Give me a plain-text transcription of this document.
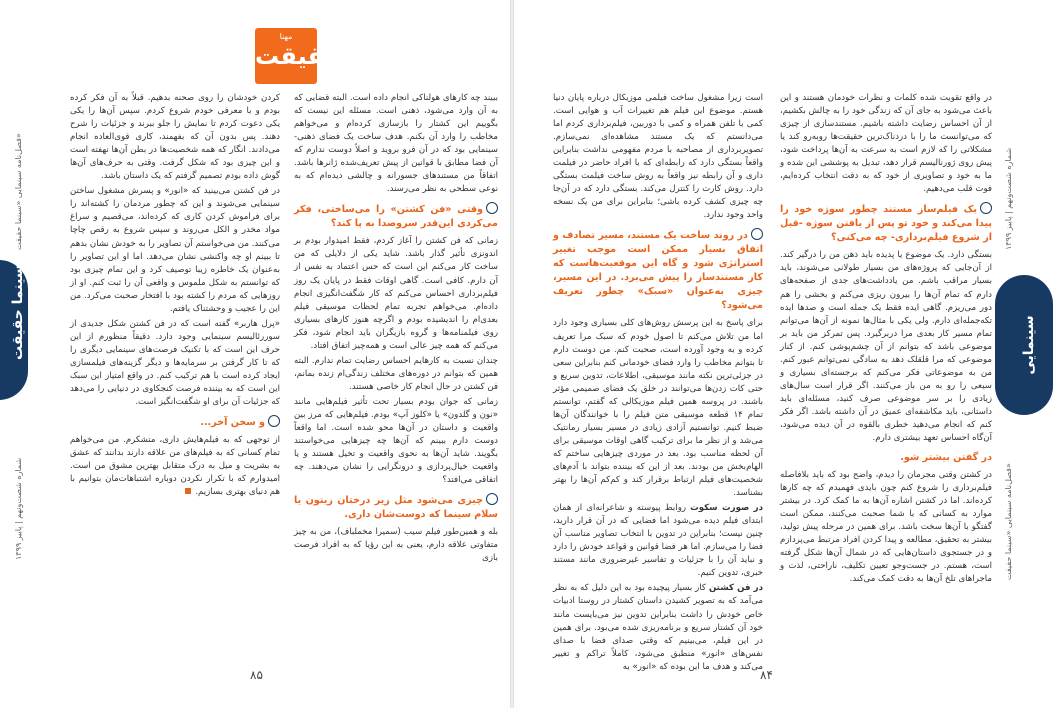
مهنا
حقیقت
سینمایی
سینما حقیقت
شماره شصت‌ونهم | پاییز ۱۳۹۹
فصل‌نامه سینمایی «سینما حقیقت»
فصل‌نامه سینمایی «سینما حقیقت»
شماره شصت‌ونهم | پاییز ۱۳۹۹

در واقع تقویت شده کلمات و نظرات خودمان هستند و این باعث می‌شود به جای آن که زندگی خود را به چالش بکشیم، از آن احساس رضایت داشته باشیم. مستندسازی از چیزی که می‌توانست ما را با دردناک‌ترین حقیقت‌ها روبه‌رو کند یا مشکلاتی را که لازم است به سرعت به آن‌ها پرداخت شود، پیش روی ژورنالیسم قرار دهد، تبدیل به پوششی این شده و ما به خود و تصاویری از خود که به دقت انتخاب کرده‌ایم، فوت قلب می‌دهیم.

یک فیلم‌ساز مستند چطور سوژه خود را پیدا می‌کند و خود تو پس از یافتن سوژه -قبل از شروع فیلم‌برداری- چه می‌کنی؟

بستگی دارد. یک موضوع یا پدیده باید ذهن من را درگیر کند. از آن‌جایی که پروژه‌های من بسیار طولانی می‌شوند، باید بسیار مراقب باشم. من یادداشت‌های جدی از صفحه‌های دارم که تمام آن‌ها را بیرون ریزی می‌کنم و بخشی را هم دور می‌ریزم. گاهی ایده فقط یک جمله است و صدها ایده تکه‌جمله‌ای دارم. ولی یکی با مثال‌ها نمونه از آن‌ها می‌توانم تمام مسیر کار بعدی مرا دربرگیرد. پس تمرکز من باید بر موضوعی باشد که بتوانم از آن چشم‌پوشی کنم. از کنار موضوعی که مرا قلقلک دهد به سادگی نمی‌توانم عبور کنم. من به موضوعاتی فکر می‌کنم که برجسته‌ای بسیاری و سیعی را رو به من باز می‌کنند. اگر قرار است سال‌های زیادی را بر سر موضوعی صرف کنید، مسئله‌ای باید داستانی، باید مکاشفه‌ای عمیق در آن داشته باشد. اگر فکر کنم که انجام می‌دهید خطری بالقوه در آن دیده می‌شود، آن‌گاه احساس تعهد بیشتری دارم.

در گفتن بیشتر شو.

در کشتن وقتی مجرمان را دیدم، واضح بود که باید بلافاصله فیلم‌برداری را شروع کنم چون بایدی فهمیدم که چه کارها کرده‌اند. اما در کشتن اشاره آن‌ها به ما کمک کرد. در بیشتر موارد به کسانی که با شما صحبت می‌کنند، ممکن است گفتگو با آن‌ها سخت باشد. برای همین در مرحله پیش تولید، بیشتر به تحقیق، مطالعه و پیدا کردن افراد مرتبط می‌پردازم و در جستجوی داستان‌هایی که در شمال آن‌ها شکل گرفته است، هستم. در جست‌وجو تعیین تکلیف، ناراحتی، لذت و ماجراهای تلخ آن‌ها به دقت کمک می‌کند.

است زیرا مشغول ساخت فیلمی موزیکال درباره پایان دنیا هستم. موضوع این فیلم هم تغییرات آب و هوایی است. کمی با تلفن همراه و کمی با دوربین، فیلم‌برداری کردم اما می‌دانستم که یک مستند مشاهده‌ای نمی‌سازم. تصویربرداری از مصاحبه با مردم مفهومی نداشت بنابراین واقعاً بستگی دارد که رابطه‌ای که با افراد حاضر در فیلمت داری و آن رابطه نیز واقعاً به روش ساخت فیلمت بستگی دارد. روش کارت را کنترل می‌کند. بستگی دارد که در آن‌جا چه چیزی کشف کرده باشی؛ بنابراین برای من یک نسخه واحد وجود ندارد.

در روند ساخت یک مستند، مسیر تصادف و اتفاق بسیار ممکن است موجب تغییر استراتژی شود و گاه این موقعیت‌هاست که کار مستندساز را پیش می‌برد. در این مسیر، چیزی به‌عنوان «سبک» چطور تعریف می‌شود؟

برای پاسخ به این پرسش روش‌های کلی بسیاری وجود دارد اما من تلاش می‌کنم تا اصول خودم که سبک مرا تعریف کرده و به وجود آورده است، صحبت کنم. من دوست دارم تا بتوانم مخاطب را وارد فضای خودمانی کنم بنابراین سعی در جزئی‌ترین نکته مانند موسیقی، اطلاعات، تدوین سریع و حتی کات زدن‌ها می‌توانند در خلق یک فضای صمیمی مؤثر باشند. در پروسه همین فیلم موزیکالی که گفتم، توانستم تمام ۱۴ قطعه موسیقی متن فیلم را با خوانندگان آن‌ها ضبط کنیم. توانستیم آزادی زیادی در مسیر بسیار رمانتیک می‌شد و از نظر ما برای ترکیب گاهی اوقات موسیقی برای آن لحظه مناسب بود. بعد در موردی چیزهایی ساختم که الهام‌بخش من بودند. بعد از این که بیننده بتواند با آدم‌های شخصیت‌های فیلم ارتباط برقرار کند و کم‌کم آن‌ها را بهتر بشناسد.

در صورت سکوت روابط پیوسته و شاعرانه‌ای از همان ابتدای فیلم دیده می‌شود اما فضایی که در آن قرار دارید، چنین نیست؛ بنابراین در تدوین با انتخاب تصاویر مناسب آن فضا را می‌سازم. اما هر فضا قوانین و قواعد خودش را دارد و نباید آن را با جزئیات و تفاسیر غیرضروری مانند مستند خبری، تدوین کنیم.

در فن کشتن کار بسیار پیچیده بود به این دلیل که به نظر می‌آمد که به تصویر کشیدن داستان کشتار در روستا ادبیات خاص خودش را داشت بنابراین تدوین نیز می‌بایست مانند خود آن کشتار سریع و برنامه‌ریزی شده می‌بود. برای همین در این فیلم، می‌بینیم که وقتی صدای فضا با صدای نفس‌های «انور» منطبق می‌شود، کاملاً تراکم و تغییر می‌کند و هدف ما این بوده که «انور» به

ببیند چه کارهای هولناکی انجام داده است. البته قضایی که به آن وارد می‌شود، ذهنی است. مسئله این نیست که بگوییم این کشتار را بازسازی کرده‌ام و می‌خواهم مخاطب را وارد آن بکنم. هدف ساخت یک فضای ذهنی-سینمایی بود که در آن فرو بروید و اصلاً دوست ندارم که آن فضا مطابق با قوانین از پیش تعریف‌شده ژانرها باشد. اتفاقاً من مستندهای جسورانه و چالشی دیده‌ام که به نوعی سطحی به نظر می‌رسند.

وقتی «فن کشتن» را می‌ساختی، فکر می‌کردی این‌قدر سروصدا به پا کند؟

زمانی که فن کشتن را آغاز کردم، فقط امیدوار بودم بر اندونزی تأثیر گذار باشد. شاید یکی از دلایلی که من ساخت کار می‌کنم این است که حس اعتماد به نفس از آن دارم. کافی است. گاهی اوقات فقط در پایان یک روز فیلم‌برداری احساس می‌کنم که کار شگفت‌انگیزی انجام داده‌ام. می‌خواهم تجربه تمام لحظات موسیقی فیلم بعدی‌ام را اندیشیده بودم و اگرچه هنوز کارهای بسیاری روی فیلمنامه‌ها و گروه بازیگران باید انجام شود، فکر می‌کنم که همه چیز عالی است و همه‌چیز اتفاق افتاد.

چندان نسبت به کارهایم احساس رضایت تمام ندارم. البته همین که بتوانم در دوره‌های مختلف زندگی‌ام زنده بمانم، فن کشتن در حال انجام کار خاصی هستند.

زمانی که جوان بودم بسیار تحت تأثیر فیلم‌هایی مانند «نون و گلدون» یا «کلوز آپ» بودم. فیلم‌هایی که مرز بین واقعیت و داستان در آن‌ها محو شده است. اما واقعاً دوست دارم ببینم که آن‌ها چه چیزهایی می‌خواستند بگویند. شاید آن‌ها به نحوی واقعیت و تخیل هستند و یا واقعیت خیال‌پردازی و درونگرایی را نشان می‌دهند. چه اتفاقی می‌افتد؟

چیزی می‌شود مثل زیر درختان زیتون یا سلام سینما که دوست‌شان داری.

بله و همین‌طور فیلم سیب (سمیرا مخملباف)، من به چیز متفاوتی علاقه دارم، یعنی به این رؤیا که به افراد فرصت بازی

کردن خودشان را روی صحنه بدهیم. قبلاً به آن فکر کرده بودم و با معرفی خودم شروع کردم. سپس آن‌ها را یکی یکی دعوت کردم تا نمایش را جلو ببرند و جزئیات را شرح دهند. پس بدون آن که بفهمند، کاری قوی‌العاده انجام می‌دادند. انگار که همه شخصیت‌ها در بطن آن‌ها نهفته است و این چیزی بود که شکل گرفت. وقتی به حرف‌های آن‌ها گوش داده بودم تصمیم گرفتم که یک داستان باشد.

در فن کشتن می‌بینید که «انور» و پسرش مشغول ساختن سینمایی می‌شوند و این که چطور مردمان را کشته‌اند را برای فراموش کردن کاری که کرده‌اند، می‌قصیم و سراغ مواد مخدر و الکل می‌روند و سپس شروع به رقص چاچا می‌کنند. من می‌خواستم آن تصاویر را به خودش نشان بدهم تا ببینم او چه واکنشی نشان می‌دهد. اما او این تصاویر را به‌عنوان یک خاطره زیبا توصیف کرد و این تمام چیزی بود که توانستم به شکل ملموس و واقعی آن را ثبت کنم. او از روزهایی که مردم را کشته بود با افتخار صحبت می‌کرد. من این را عجیب و وحشتناک یافتم.

«پرل هاربر» گفته است که در فن کشتن شکل جدیدی از سوررئالیسم سینمایی وجود دارد. دقیقاً منظورم از این حرف این است که با تکنیک فرصت‌های سینمایی دیگری را که تا کار گرفتن بر سرمایه‌ها و دیگر گزینه‌های فیلمسازی ایجاد کرده است با هم ترکیب کنم. در واقع امتیاز این سبک این است که به بیننده فرصت کنجکاوی در دنیایی را می‌دهد که جزئیات آن برای او شگفت‌انگیز است.

و سخن آخر...

از توجهی که به فیلم‌هایش داری، متشکرم. من می‌خواهم تمام کسانی که به فیلم‌های من علاقه دارند بدانند که عشق به بشریت و میل به درک متقابل بهترین مشوق من است. امیدوارم که با تکرار نکردن دوباره اشتباهات‌مان بتوانیم با هم دنیای بهتری بسازیم.

۸۴
۸۵
